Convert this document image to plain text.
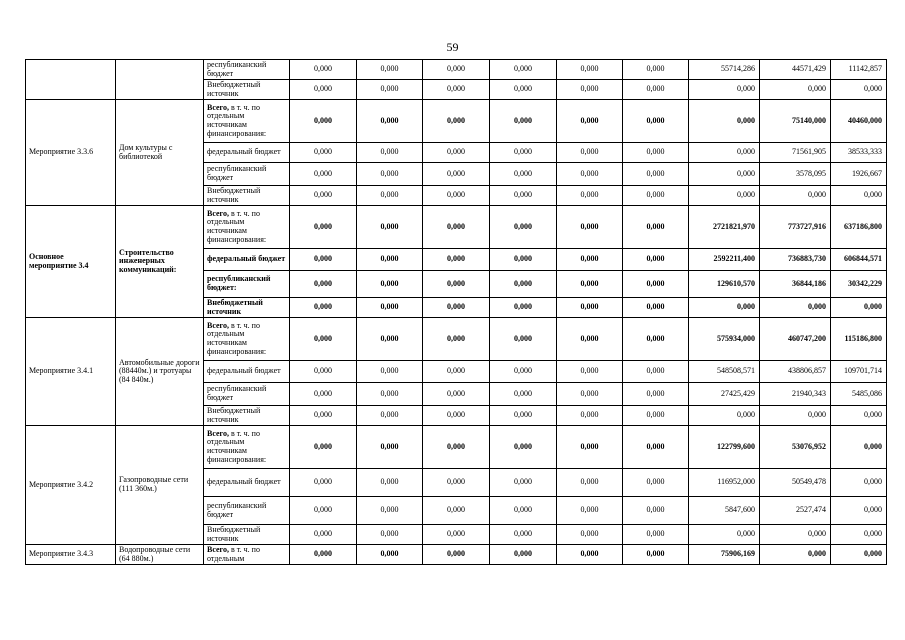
59
		республиканский бюджет	0,000	0,000	0,000	0,000	0,000	0,000	55714,286	44571,429	11142,857
		Внебюджетный источник	0,000	0,000	0,000	0,000	0,000	0,000	0,000	0,000	0,000
Мероприятие 3.3.6	Дом культуры с библиотекой	Всего, в т. ч. по отдельным источникам финансирования:	0,000	0,000	0,000	0,000	0,000	0,000	0,000	75140,000	40460,000
		федеральный бюджет	0,000	0,000	0,000	0,000	0,000	0,000	0,000	71561,905	38533,333
		республиканский бюджет	0,000	0,000	0,000	0,000	0,000	0,000	0,000	3578,095	1926,667
		Внебюджетный источник	0,000	0,000	0,000	0,000	0,000	0,000	0,000	0,000	0,000
Основное мероприятие 3.4	Строительство инженерных коммуникаций:	Всего, в т. ч. по отдельным источникам финансирования:	0,000	0,000	0,000	0,000	0,000	0,000	2721821,970	773727,916	637186,800
		федеральный бюджет	0,000	0,000	0,000	0,000	0,000	0,000	2592211,400	736883,730	606844,571
		республиканский бюджет:	0,000	0,000	0,000	0,000	0,000	0,000	129610,570	36844,186	30342,229
		Внебюджетный источник	0,000	0,000	0,000	0,000	0,000	0,000	0,000	0,000	0,000
Мероприятие 3.4.1	Автомобильные дороги (88440м.) и тротуары (84 840м.)	Всего, в т. ч. по отдельным источникам финансирования:	0,000	0,000	0,000	0,000	0,000	0,000	575934,000	460747,200	115186,800
		федеральный бюджет	0,000	0,000	0,000	0,000	0,000	0,000	548508,571	438806,857	109701,714
		республиканский бюджет	0,000	0,000	0,000	0,000	0,000	0,000	27425,429	21940,343	5485,086
		Внебюджетный источник	0,000	0,000	0,000	0,000	0,000	0,000	0,000	0,000	0,000
Мероприятие 3.4.2	Газопроводные сети (111 360м.)	Всего, в т. ч. по отдельным источникам финансирования:	0,000	0,000	0,000	0,000	0,000	0,000	122799,600	53076,952	0,000
		федеральный бюджет	0,000	0,000	0,000	0,000	0,000	0,000	116952,000	50549,478	0,000
		республиканский бюджет	0,000	0,000	0,000	0,000	0,000	0,000	5847,600	2527,474	0,000
		Внебюджетный источник	0,000	0,000	0,000	0,000	0,000	0,000	0,000	0,000	0,000
Мероприятие 3.4.3	Водопроводные сети (64 880м.)	Всего, в т. ч. по отдельным	0,000	0,000	0,000	0,000	0,000	0,000	75906,169	0,000	0,000
